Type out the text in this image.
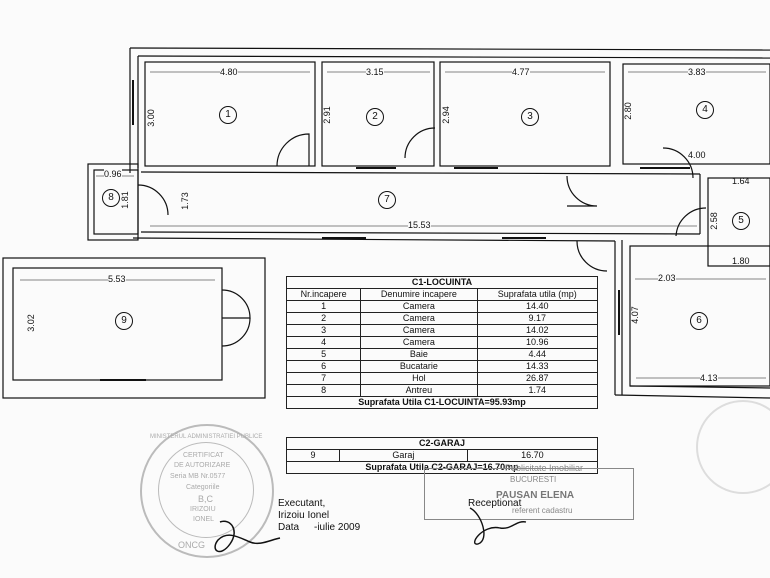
1	2	3
4
5
6
7
8
9
4.80
3.00
3.15
2.91
4.77
2.94
3.83
2.80
4.00
1.64
2.58
1.80
2.03
4.07
4.13
15.53
1.73
0.96
1.81
5.53
3.02
C1-LOCUINTA		
Nr.incapere	Denumire incapere	Suprafata utila (mp)
1	Camera	14.40
2	Camera	9.17
3	Camera	14.02
4	Camera	10.96
5	Baie	4.44
6	Bucatarie	14.33
7	Hol	26.87
8	Antreu	1.74
Suprafata Utila C1-LOCUINTA=95.93mp		
C2-GARAJ
9	Garaj	16.70
Suprafata Utila C2-GARAJ=16.70mp
MINISTERUL ADMINISTRATIEI PUBLICE
CERTIFICAT
DE AUTORIZARE
Seria MB Nr.0577
Categoriile
B,C
IRIZOIU
IONEL
ONCG
Executant,
Irizoiu Ionel
Data -iulie 2009
Publicitate Imobiliar
BUCURESTI
PAUSAN ELENA
referent cadastru
Receptionat
